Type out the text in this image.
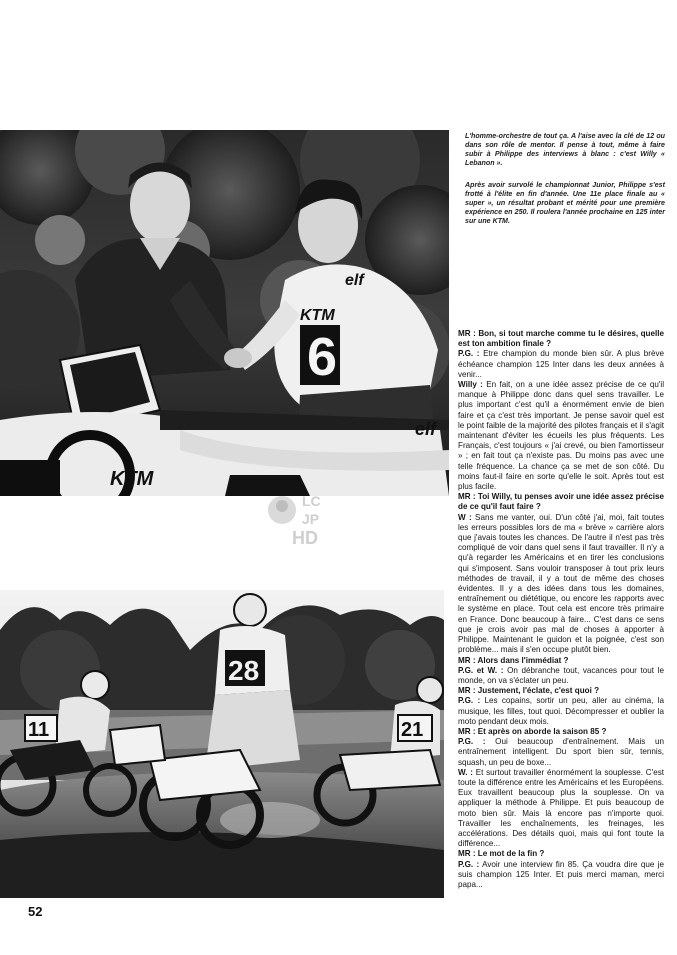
6
KTM
elf
KTM
elf
LC
JP
HD

L'homme-orchestre de tout ça. A l'aise avec la clé de 12 ou dans son rôle de mentor. Il pense à tout, même à faire subir à Philippe des interviews à blanc : c'est Willy « Lebanon ».

Après avoir survolé le championnat Junior, Philippe s'est frotté à l'élite en fin d'année. Une 11e place finale au « super », un résultat probant et mérité pour une première expérience en 250. Il roulera l'année prochaine en 125 inter sur une KTM.

MR : Bon, si tout marche comme tu le désires, quelle est ton ambition finale ?

P.G. : Etre champion du monde bien sûr. A plus brève échéance champion 125 Inter dans les deux années à venir...

Willy : En fait, on a une idée assez précise de ce qu'il manque à Philippe donc dans quel sens travailler. Le plus important c'est qu'il a énormément envie de bien faire et ça c'est très important. Je pense savoir quel est le point faible de la majorité des pilotes français et il s'agit maintenant d'éviter les écueils les plus fréquents. Les Français, c'est toujours « j'ai crevé, ou bien l'amortisseur » ; en fait tout ça n'existe pas. Du moins pas avec une telle fréquence. La chance ça se met de son côté. Du moins faut-il faire en sorte qu'elle le soit. Après tout est plus facile.

MR : Toi Willy, tu penses avoir une idée assez précise de ce qu'il faut faire ?

W : Sans me vanter, oui. D'un côté j'ai, moi, fait toutes les erreurs possibles lors de ma « brève » carrière alors que j'avais toutes les chances. De l'autre il n'est pas très compliqué de voir dans quel sens il faut travailler. Il n'y a qu'à regarder les Américains et en tirer les conclusions qui s'imposent. Sans vouloir transposer à tout prix leurs méthodes de travail, il y a tout de même des choses évidentes. Il y a des idées dans tous les domaines, entraînement ou diététique, ou encore les rapports avec le système en place. Tout cela est encore très primaire en France. Donc beaucoup à faire... C'est dans ce sens que je crois avoir pas mal de choses à apporter à Philippe. Maintenant le guidon et la poignée, c'est son problème... mais il s'en occupe plutôt bien.

MR : Alors dans l'immédiat ?

P.G. et W. : On débranche tout, vacances pour tout le monde, on va s'éclater un peu.

MR : Justement, l'éclate, c'est quoi ?

P.G. : Les copains, sortir un peu, aller au cinéma, la musique, les filles, tout quoi. Décompresser et oublier la moto pendant deux mois.

MR : Et après on aborde la saison 85 ?

P.G. : Oui beaucoup d'entraînement. Mais un entraînement intelligent. Du sport bien sûr, tennis, squash, un peu de boxe...

W. : Et surtout travailler énormément la souplesse. C'est toute la différence entre les Américains et les Européens. Eux travaillent beaucoup plus la souplesse. On va appliquer la méthode à Philippe. Et puis beaucoup de moto bien sûr. Mais là encore pas n'importe quoi. Travailler les enchaînements, les freinages, les accélérations. Des détails quoi, mais qui font toute la différence...

MR : Le mot de la fin ?

P.G. : Avoir une interview fin 85. Ça voudra dire que je suis champion 125 Inter. Et puis merci maman, merci papa...

28
11	21
52
